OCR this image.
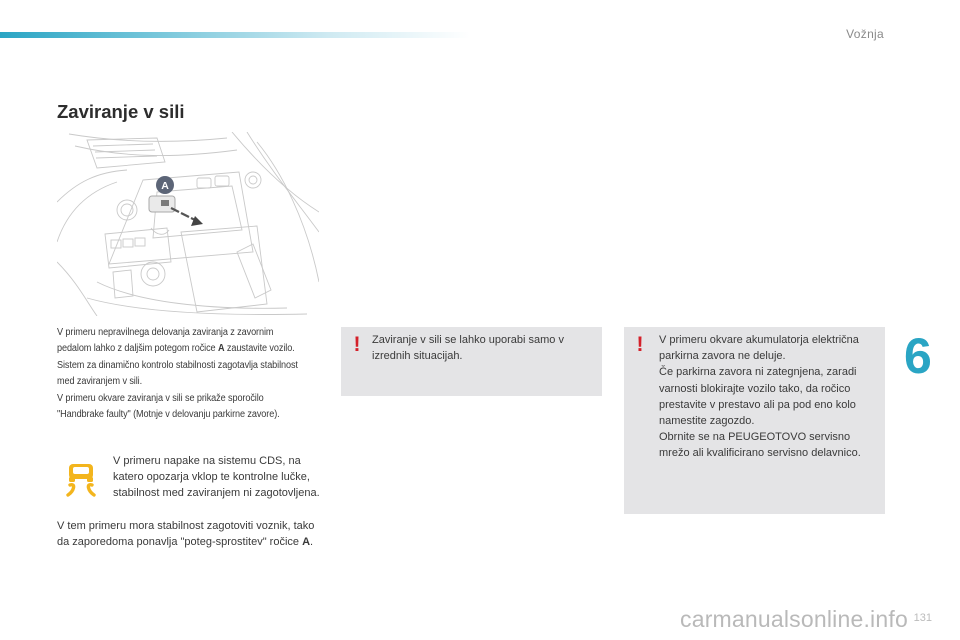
Vožnja
Zaviranje v sili
A

V primeru nepravilnega delovanja zaviranja z zavornim pedalom lahko z daljšim potegom ročice A zaustavite vozilo.

Sistem za dinamično kontrolo stabilnosti zagotavlja stabilnost med zaviranjem v sili.

V primeru okvare zaviranja v sili se prikaže sporočilo "Handbrake faulty" (Motnje v delovanju parkirne zavore).

V primeru napake na sistemu CDS, na katero opozarja vklop te kontrolne lučke, stabilnost med zaviranjem ni zagotovljena.

V tem primeru mora stabilnost zagotoviti voznik, tako da zaporedoma ponavlja "poteg-sprostitev" ročice A.

!	Zaviranje v sili se lahko uporabi samo v izrednih situacijah.

!	V primeru okvare akumulatorja električna parkirna zavora ne deluje.
Če parkirna zavora ni zategnjena, zaradi varnosti blokirajte vozilo tako, da ročico prestavite v prestavo ali pa pod eno kolo namestite zagozdo.
Obrnite se na PEUGEOTOVO servisno mrežo ali kvalificirano servisno delavnico.

6
131
carmanualsonline.info
